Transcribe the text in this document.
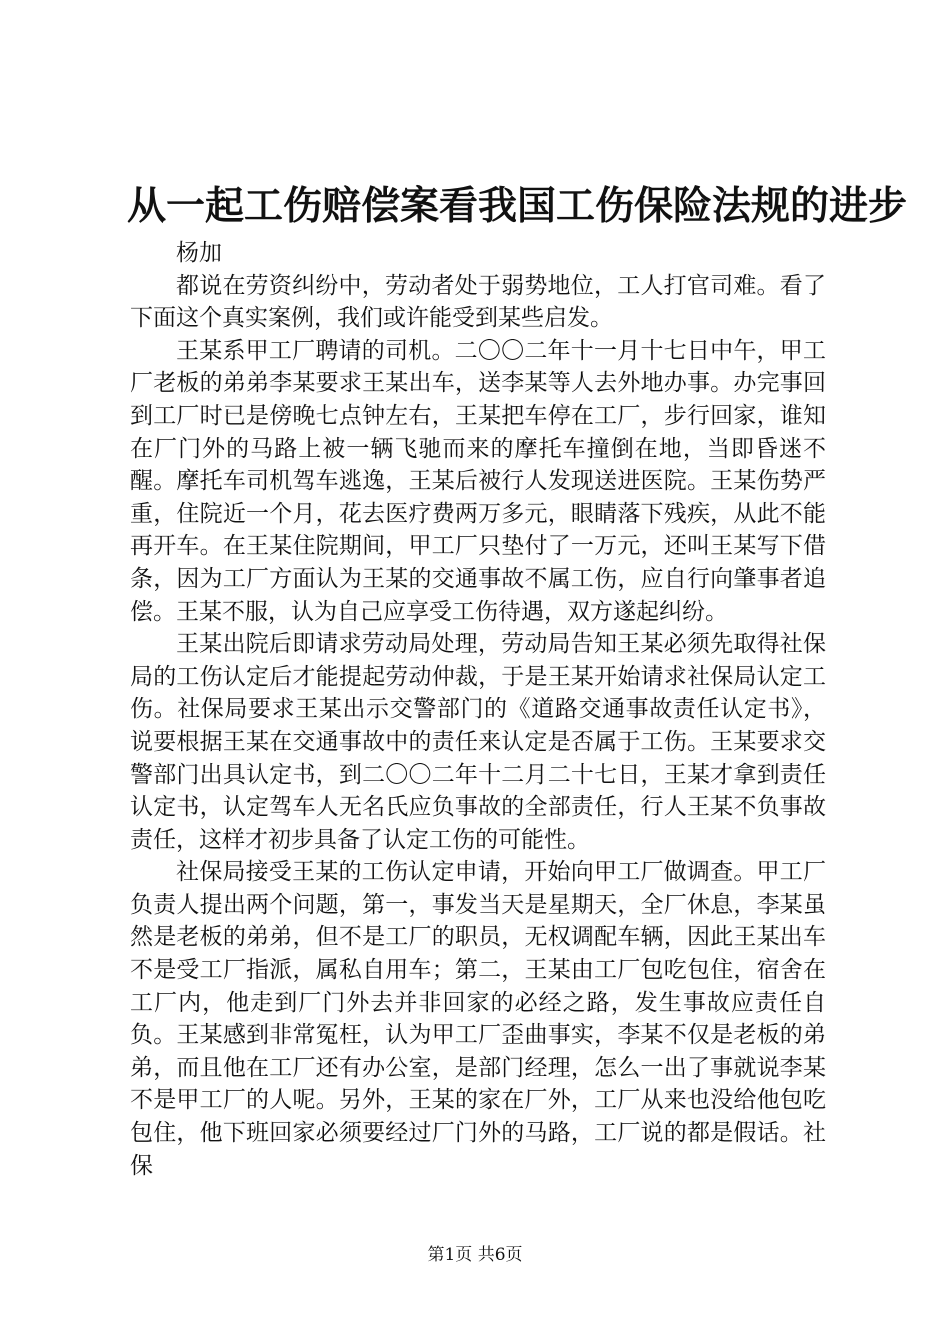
从一起工伤赔偿案看我国工伤保险法规的进步
杨加

都说在劳资纠纷中，劳动者处于弱势地位，工人打官司难。看了下面这个真实案例，我们或许能受到某些启发。

王某系甲工厂聘请的司机。二〇〇二年十一月十七日中午，甲工厂老板的弟弟李某要求王某出车，送李某等人去外地办事。办完事回到工厂时已是傍晚七点钟左右，王某把车停在工厂，步行回家，谁知在厂门外的马路上被一辆飞驰而来的摩托车撞倒在地，当即昏迷不醒。摩托车司机驾车逃逸，王某后被行人发现送进医院。王某伤势严重，住院近一个月，花去医疗费两万多元，眼睛落下残疾，从此不能再开车。在王某住院期间，甲工厂只垫付了一万元，还叫王某写下借条，因为工厂方面认为王某的交通事故不属工伤，应自行向肇事者追偿。王某不服，认为自己应享受工伤待遇，双方遂起纠纷。

王某出院后即请求劳动局处理，劳动局告知王某必须先取得社保局的工伤认定后才能提起劳动仲裁，于是王某开始请求社保局认定工伤。社保局要求王某出示交警部门的《道路交通事故责任认定书》，说要根据王某在交通事故中的责任来认定是否属于工伤。王某要求交警部门出具认定书，到二〇〇二年十二月二十七日，王某才拿到责任认定书，认定驾车人无名氏应负事故的全部责任，行人王某不负事故责任，这样才初步具备了认定工伤的可能性。

社保局接受王某的工伤认定申请，开始向甲工厂做调查。甲工厂负责人提出两个问题，第一，事发当天是星期天，全厂休息，李某虽然是老板的弟弟，但不是工厂的职员，无权调配车辆，因此王某出车不是受工厂指派，属私自用车；第二，王某由工厂包吃包住，宿舍在工厂内，他走到厂门外去并非回家的必经之路，发生事故应责任自负。王某感到非常冤枉，认为甲工厂歪曲事实，李某不仅是老板的弟弟，而且他在工厂还有办公室，是部门经理，怎么一出了事就说李某不是甲工厂的人呢。另外，王某的家在厂外，工厂从来也没给他包吃包住，他下班回家必须要经过厂门外的马路，工厂说的都是假话。社保

第1页 共6页
